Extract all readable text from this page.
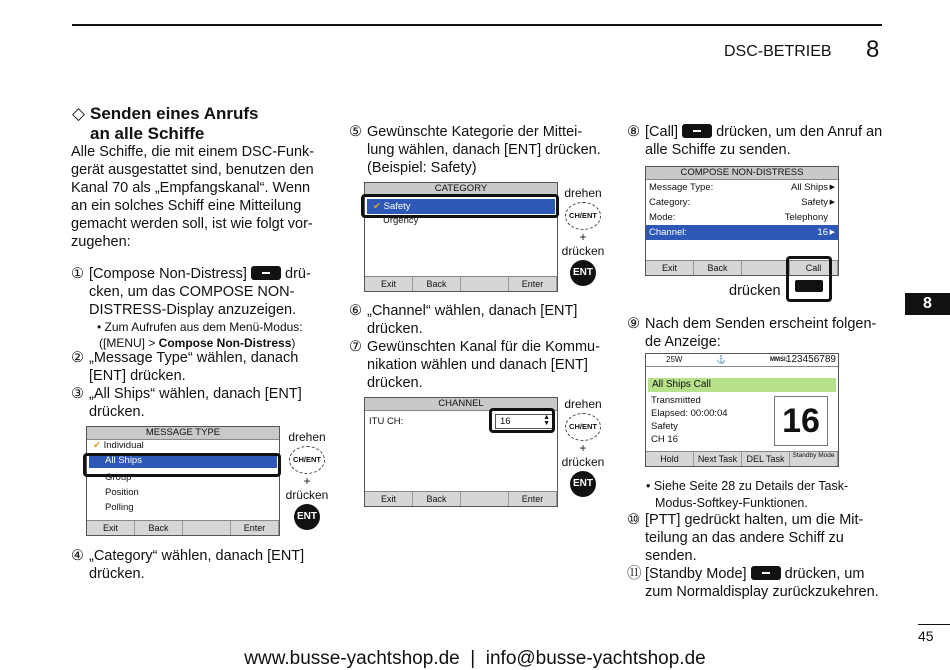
DSC-BETRIEB 8
8
◇ Senden eines Anrufs
an alle Schiffe
Alle Schiffe, die mit einem DSC-Funk-
gerät ausgestattet sind, benutzen den
Kanal 70 als „Empfangskanal“. Wenn
an ein solches Schiff eine Mitteilung
gemacht werden soll, ist wie folgt vor-
zugehen:
① [Compose Non-Distress]	drü-
cken, um das COMPOSE NON-
DISTRESS-Display anzuzeigen.
• Zum Aufrufen aus dem Menü-Modus:
([MENU] > Compose Non-Distress)
② „Message Type“ wählen, danach
[ENT] drücken.
③ „All Ships“ wählen, danach [ENT]
drücken.
MESSAGE TYPE
✔ Individual
All Ships
Group
Position
Polling
Exit	Back	Enter
drehen
CH/ENT
+
drücken
ENT
④ „Category“ wählen, danach [ENT]
drücken.
⑤ Gewünschte Kategorie der Mittei-
lung wählen, danach [ENT] drücken.
(Beispiel: Safety)
CATEGORY
✔ Safety
Urgency
Exit	Back	Enter
drehen
CH/ENT
+
drücken
ENT
⑥ „Channel“ wählen, danach [ENT]
drücken.
⑦ Gewünschten Kanal für die Kommu-
nikation wählen und danach [ENT]
drücken.
CHANNEL
ITU CH:	16	▲
▼
Exit	Back	Enter
drehen
CH/ENT
+
drücken
ENT
⑧ [Call]	drücken, um den Anruf an
alle Schiffe zu senden.
COMPOSE NON-DISTRESS
Message Type:	All Ships ▶
Category:	Safety ▶
Mode:	Telephony
Channel:	16 ▶
Exit	Back	Call
drücken
⑨ Nach dem Senden erscheint folgen-
de Anzeige:
25W	⚓	MMSI:
123456789
All Ships Call
Transmitted
Elapsed: 00:00:04
Safety
CH 16	16
Hold	Next Task	DEL Task	Standby Mode
• Siehe Seite 28 zu Details der Task-
Modus-Softkey-Funktionen.
⑩ [PTT] gedrückt halten, um die Mit-
teilung an das andere Schiff zu
senden.
⑪ [Standby Mode]	drücken, um
zum Normaldisplay zurückzukehren.
45
www.busse-yachtshop.de  |  info@busse-yachtshop.de
